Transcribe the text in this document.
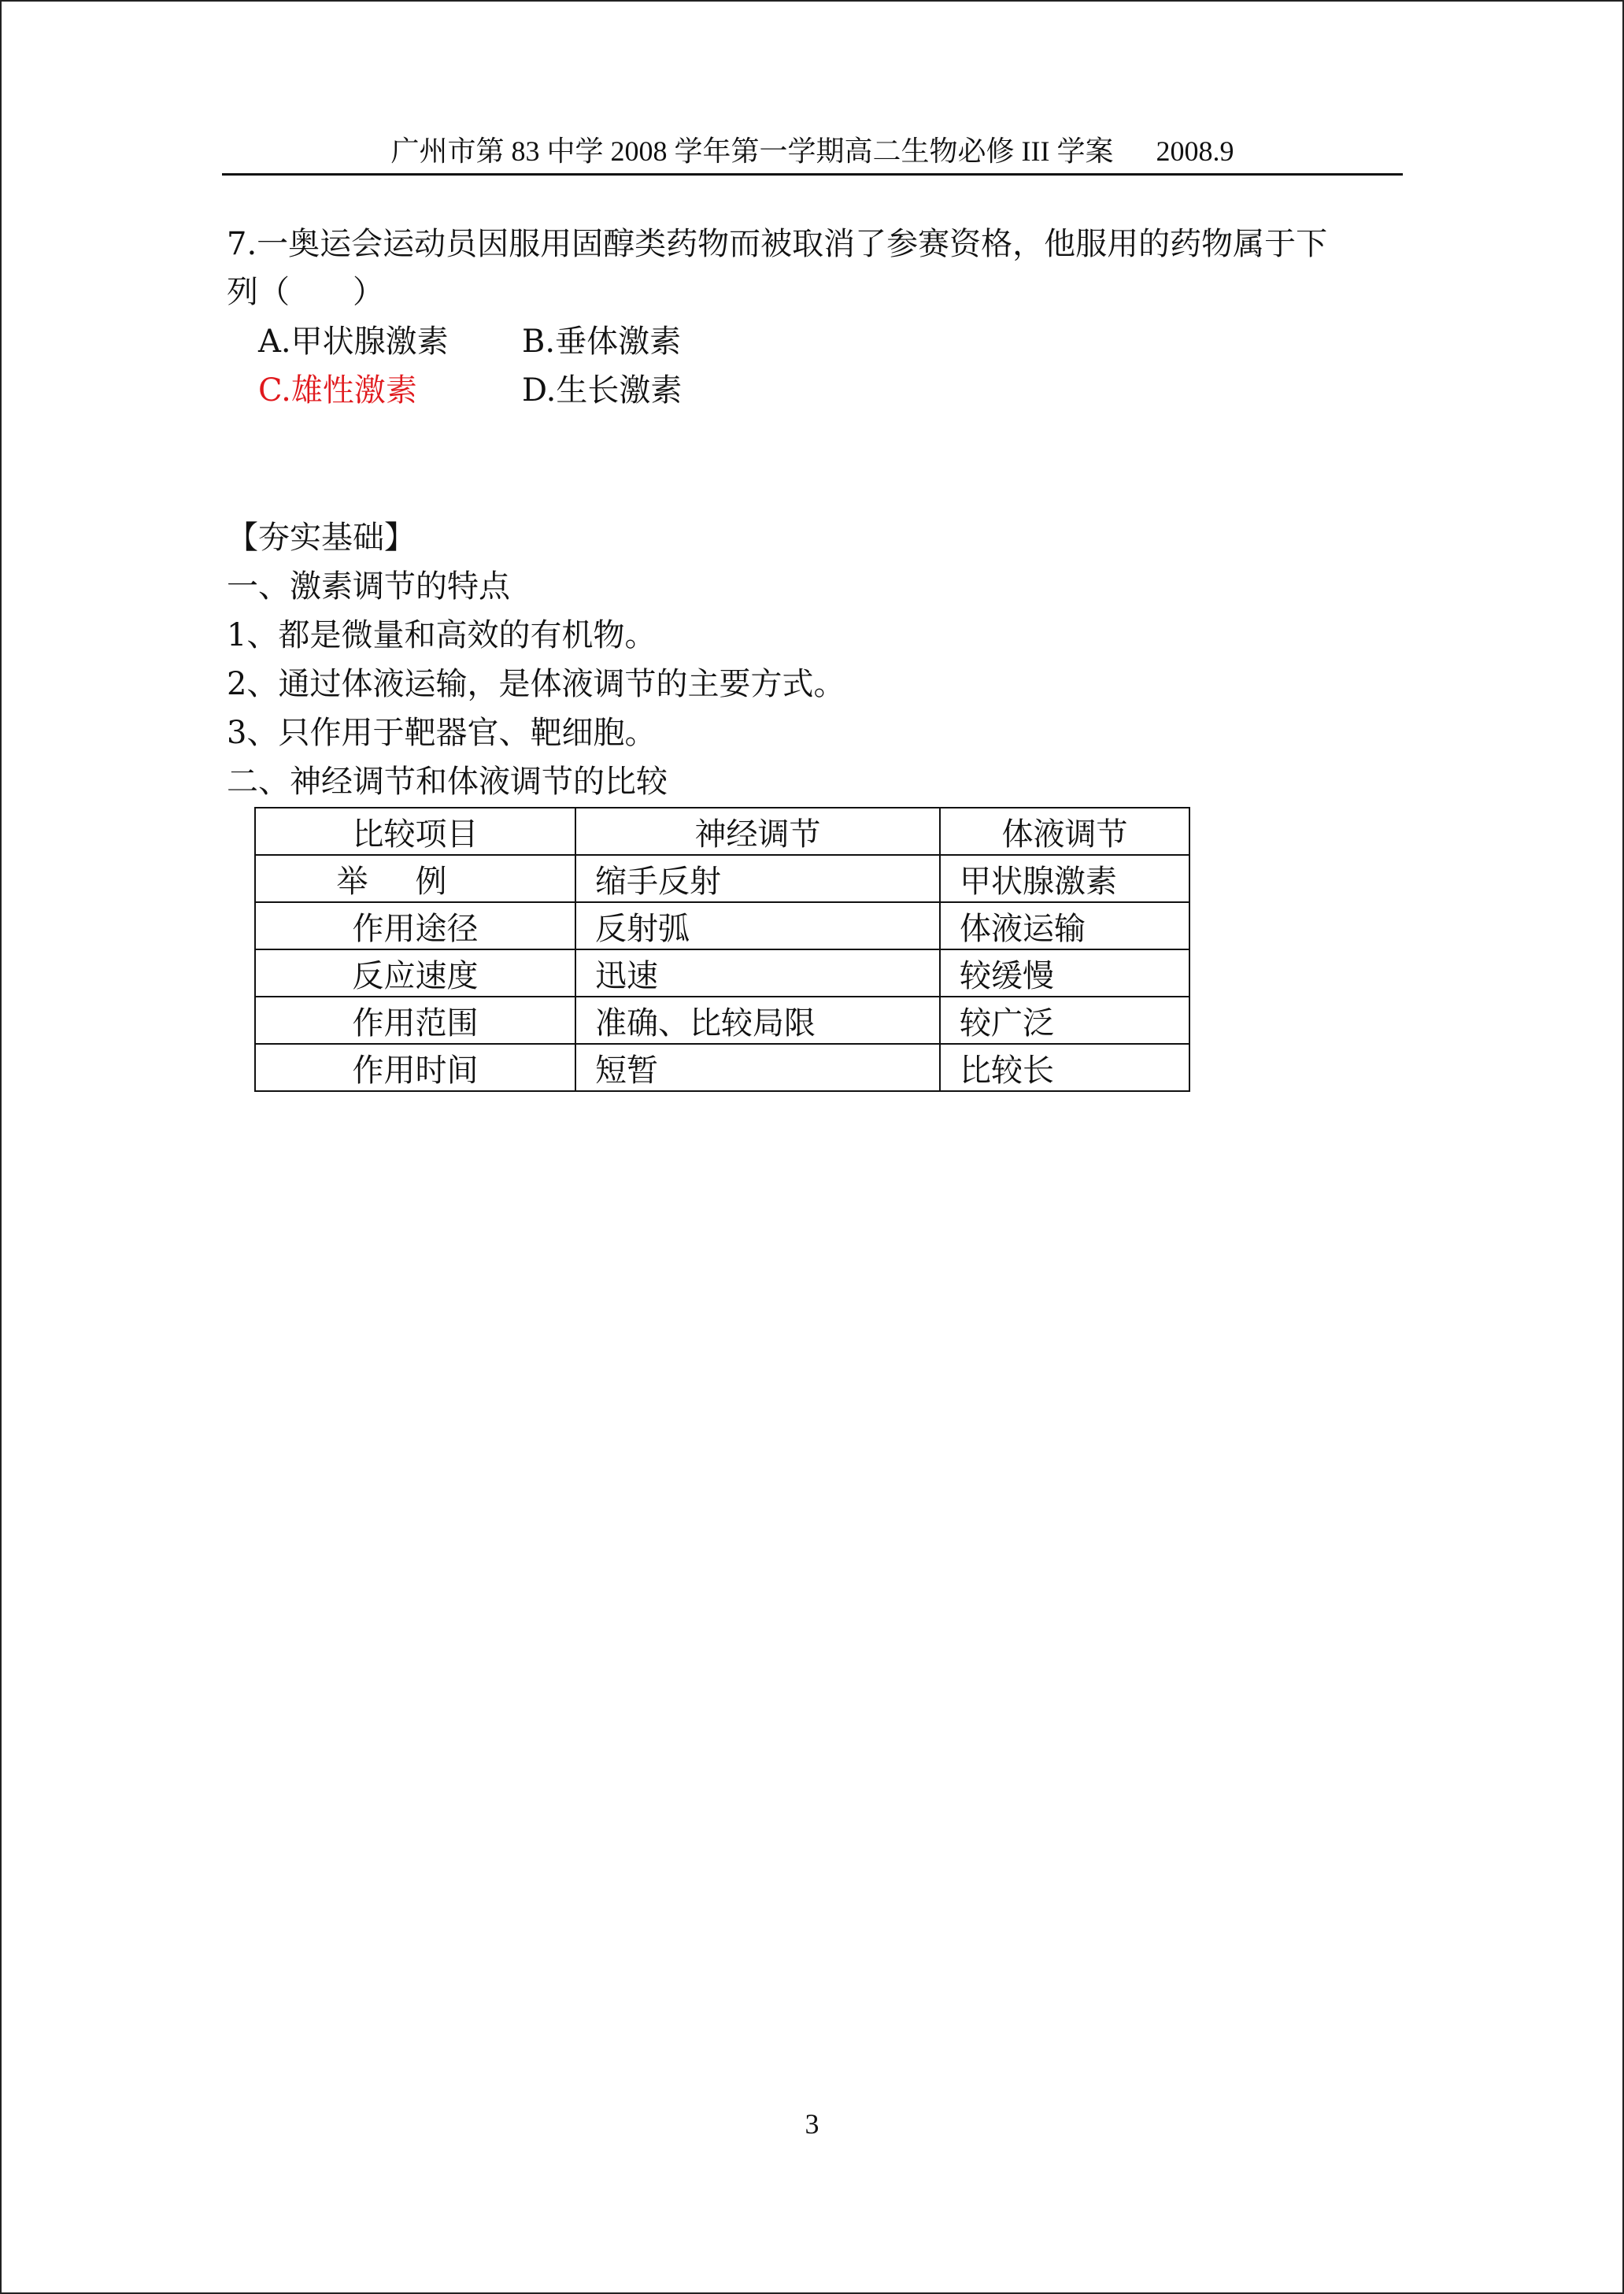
广州市第 83 中学 2008 学年第一学期高二生物必修 III 学案 2008.9
7.一奥运会运动员因服用固醇类药物而被取消了参赛资格，他服用的药物属于下
列（　　）
A.甲状腺激素 B.垂体激素
C.雄性激素	D.生长激素
【夯实基础】
一、激素调节的特点
1、都是微量和高效的有机物。
2、通过体液运输，是体液调节的主要方式。
3、只作用于靶器官、靶细胞。
二、神经调节和体液调节的比较
比较项目	神经调节	体液调节
举例	缩手反射	甲状腺激素
作用途径	反射弧	体液运输
反应速度	迅速	较缓慢
作用范围	准确、比较局限	较广泛
作用时间	短暂	比较长
3
